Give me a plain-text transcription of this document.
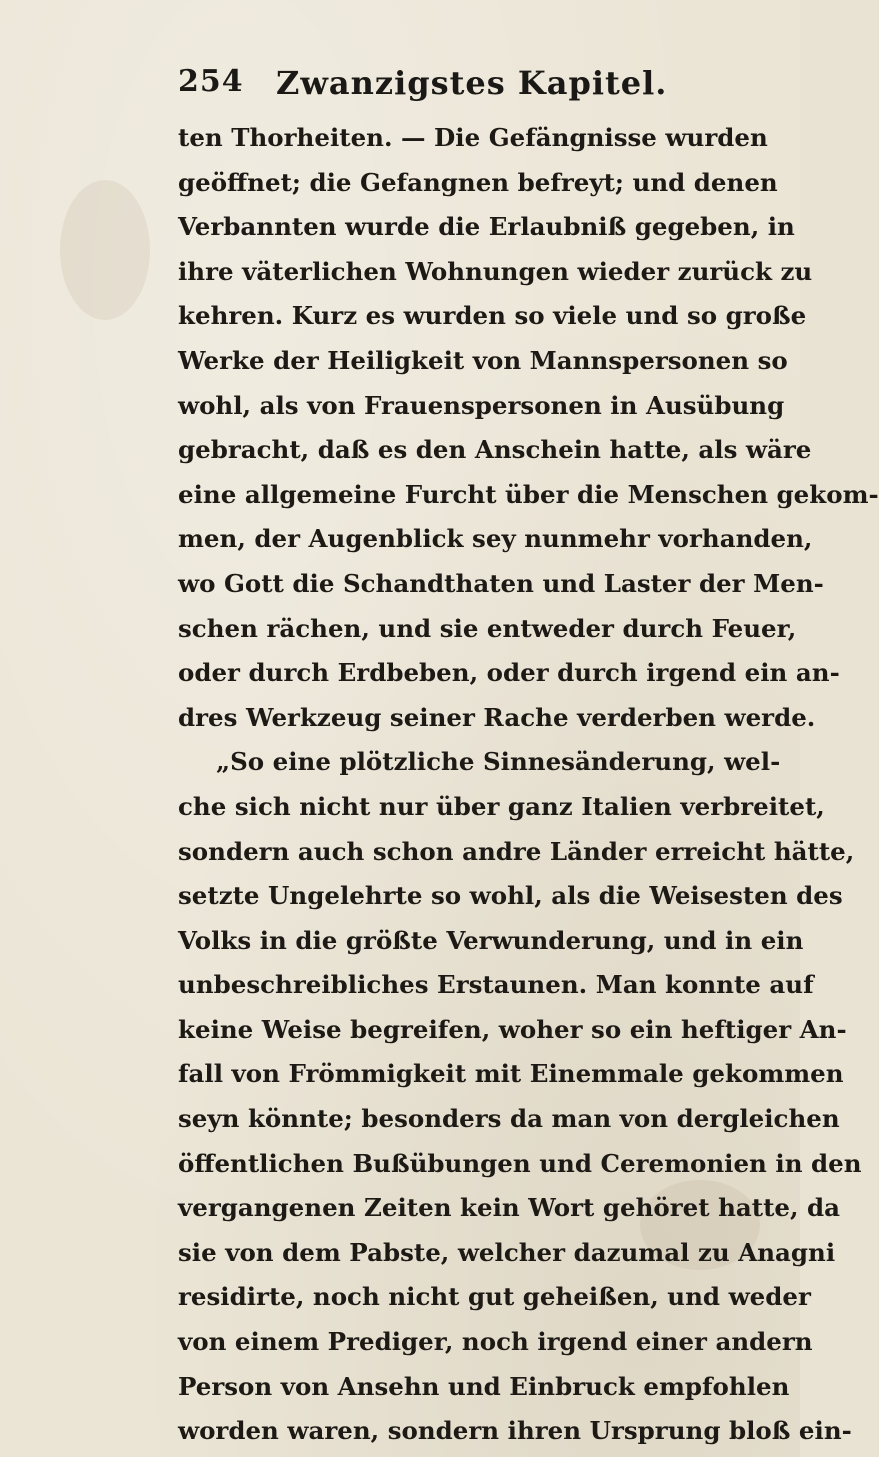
254 Zwanzigstes Kapitel.
ten Thorheiten. — Die Gefängnisse wurden
geöffnet; die Gefangnen befreyt; und denen
Verbannten wurde die Erlaubniß gegeben, in
ihre väterlichen Wohnungen wieder zurück zu
kehren. Kurz es wurden so viele und so große
Werke der Heiligkeit von Mannspersonen so
wohl, als von Frauenspersonen in Ausübung
gebracht, daß es den Anschein hatte, als wäre
eine allgemeine Furcht über die Menschen gekom-
men, der Augenblick sey nunmehr vorhanden,
wo Gott die Schandthaten und Laster der Men-
schen rächen, und sie entweder durch Feuer,
oder durch Erdbeben, oder durch irgend ein an-
dres Werkzeug seiner Rache verderben werde.
„So eine plötzliche Sinnesänderung, wel-
che sich nicht nur über ganz Italien verbreitet,
sondern auch schon andre Länder erreicht hätte,
setzte Ungelehrte so wohl, als die Weisesten des
Volks in die größte Verwunderung, und in ein
unbeschreibliches Erstaunen. Man konnte auf
keine Weise begreifen, woher so ein heftiger An-
fall von Frömmigkeit mit Einemmale gekommen
seyn könnte; besonders da man von dergleichen
öffentlichen Bußübungen und Ceremonien in den
vergangenen Zeiten kein Wort gehöret hatte, da
sie von dem Pabste, welcher dazumal zu Anagni
residirte, noch nicht gut geheißen, und weder
von einem Prediger, noch irgend einer andern
Person von Ansehn und Einbruck empfohlen
worden waren, sondern ihren Ursprung bloß ein-
